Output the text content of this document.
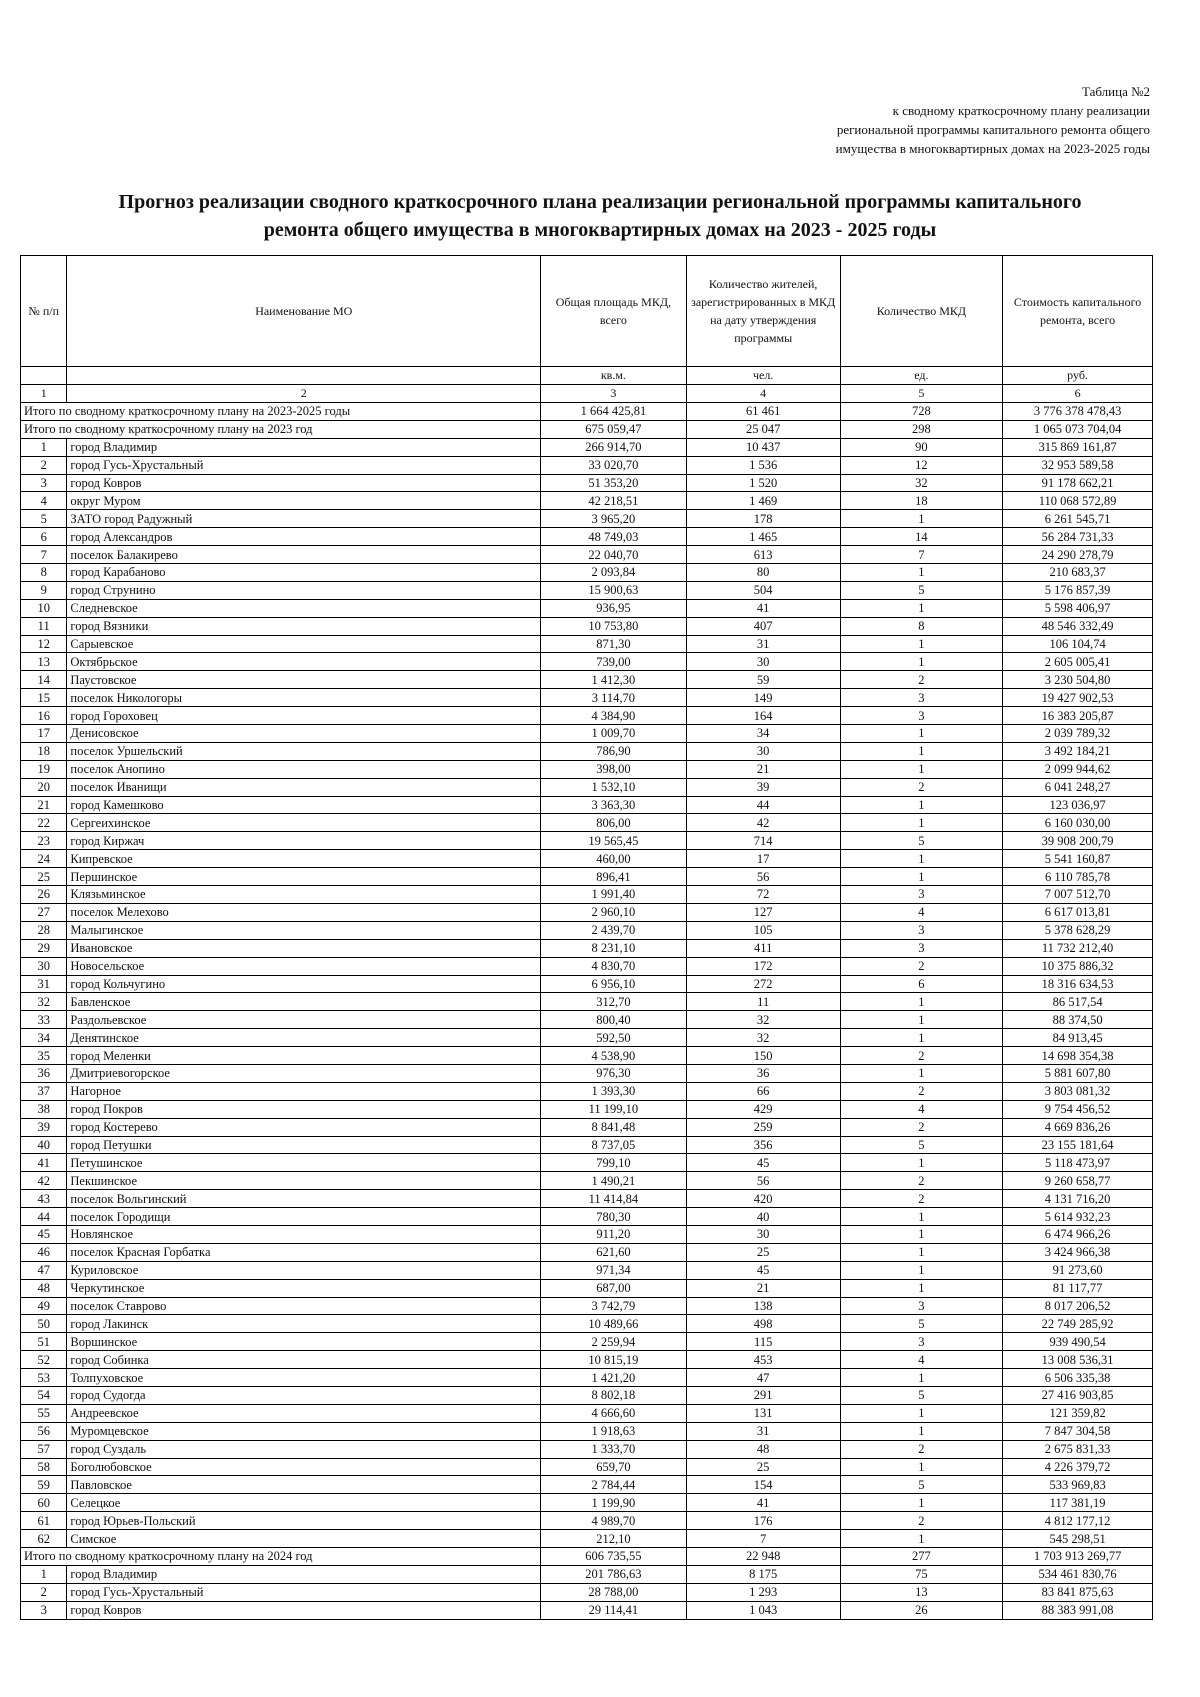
Таблица №2
к сводному краткосрочному плану реализации
региональной программы капитального ремонта общего
имущества в многоквартирных домах на 2023-2025 годы
Прогноз реализации сводного краткосрочного плана реализации региональной программы капитального
ремонта общего имущества в многоквартирных домах на 2023 - 2025 годы
№ п/п	Наименование МО	Общая площадь МКД, всего	Количество жителей, зарегистрированных в МКД на дату утверждения программы	Количество МКД	Стоимость капитального ремонта, всего
		кв.м.	чел.	ед.	руб.
1	2	3	4	5	6
Итого по сводному краткосрочному плану на 2023-2025 годы		1 664 425,81	61 461	728	3 776 378 478,43
Итого по сводному краткосрочному плану на 2023 год		675 059,47	25 047	298	1 065 073 704,04
1	город Владимир	266 914,70	10 437	90	315 869 161,87
2	город Гусь-Хрустальный	33 020,70	1 536	12	32 953 589,58
3	город Ковров	51 353,20	1 520	32	91 178 662,21
4	округ Муром	42 218,51	1 469	18	110 068 572,89
5	ЗАТО город Радужный	3 965,20	178	1	6 261 545,71
6	город Александров	48 749,03	1 465	14	56 284 731,33
7	поселок Балакирево	22 040,70	613	7	24 290 278,79
8	город Карабаново	2 093,84	80	1	210 683,37
9	город Струнино	15 900,63	504	5	5 176 857,39
10	Следневское	936,95	41	1	5 598 406,97
11	город Вязники	10 753,80	407	8	48 546 332,49
12	Сарыевское	871,30	31	1	106 104,74
13	Октябрьское	739,00	30	1	2 605 005,41
14	Паустовское	1 412,30	59	2	3 230 504,80
15	поселок Никологоры	3 114,70	149	3	19 427 902,53
16	город Гороховец	4 384,90	164	3	16 383 205,87
17	Денисовское	1 009,70	34	1	2 039 789,32
18	поселок Уршельский	786,90	30	1	3 492 184,21
19	поселок Анопино	398,00	21	1	2 099 944,62
20	поселок Иванищи	1 532,10	39	2	6 041 248,27
21	город Камешково	3 363,30	44	1	123 036,97
22	Сергеихинское	806,00	42	1	6 160 030,00
23	город Киржач	19 565,45	714	5	39 908 200,79
24	Кипревское	460,00	17	1	5 541 160,87
25	Першинское	896,41	56	1	6 110 785,78
26	Клязьминское	1 991,40	72	3	7 007 512,70
27	поселок Мелехово	2 960,10	127	4	6 617 013,81
28	Малыгинское	2 439,70	105	3	5 378 628,29
29	Ивановское	8 231,10	411	3	11 732 212,40
30	Новосельское	4 830,70	172	2	10 375 886,32
31	город Кольчугино	6 956,10	272	6	18 316 634,53
32	Бавленское	312,70	11	1	86 517,54
33	Раздольевское	800,40	32	1	88 374,50
34	Денятинское	592,50	32	1	84 913,45
35	город Меленки	4 538,90	150	2	14 698 354,38
36	Дмитриевогорское	976,30	36	1	5 881 607,80
37	Нагорное	1 393,30	66	2	3 803 081,32
38	город Покров	11 199,10	429	4	9 754 456,52
39	город Костерево	8 841,48	259	2	4 669 836,26
40	город Петушки	8 737,05	356	5	23 155 181,64
41	Петушинское	799,10	45	1	5 118 473,97
42	Пекшинское	1 490,21	56	2	9 260 658,77
43	поселок Вольгинский	11 414,84	420	2	4 131 716,20
44	поселок Городищи	780,30	40	1	5 614 932,23
45	Новлянское	911,20	30	1	6 474 966,26
46	поселок Красная Горбатка	621,60	25	1	3 424 966,38
47	Куриловское	971,34	45	1	91 273,60
48	Черкутинское	687,00	21	1	81 117,77
49	поселок Ставрово	3 742,79	138	3	8 017 206,52
50	город Лакинск	10 489,66	498	5	22 749 285,92
51	Воршинское	2 259,94	115	3	939 490,54
52	город Собинка	10 815,19	453	4	13 008 536,31
53	Толпуховское	1 421,20	47	1	6 506 335,38
54	город Судогда	8 802,18	291	5	27 416 903,85
55	Андреевское	4 666,60	131	1	121 359,82
56	Муромцевское	1 918,63	31	1	7 847 304,58
57	город Суздаль	1 333,70	48	2	2 675 831,33
58	Боголюбовское	659,70	25	1	4 226 379,72
59	Павловское	2 784,44	154	5	533 969,83
60	Селецкое	1 199,90	41	1	117 381,19
61	город Юрьев-Польский	4 989,70	176	2	4 812 177,12
62	Симское	212,10	7	1	545 298,51
Итого по сводному краткосрочному плану на 2024 год		606 735,55	22 948	277	1 703 913 269,77
1	город Владимир	201 786,63	8 175	75	534 461 830,76
2	город Гусь-Хрустальный	28 788,00	1 293	13	83 841 875,63
3	город Ковров	29 114,41	1 043	26	88 383 991,08
